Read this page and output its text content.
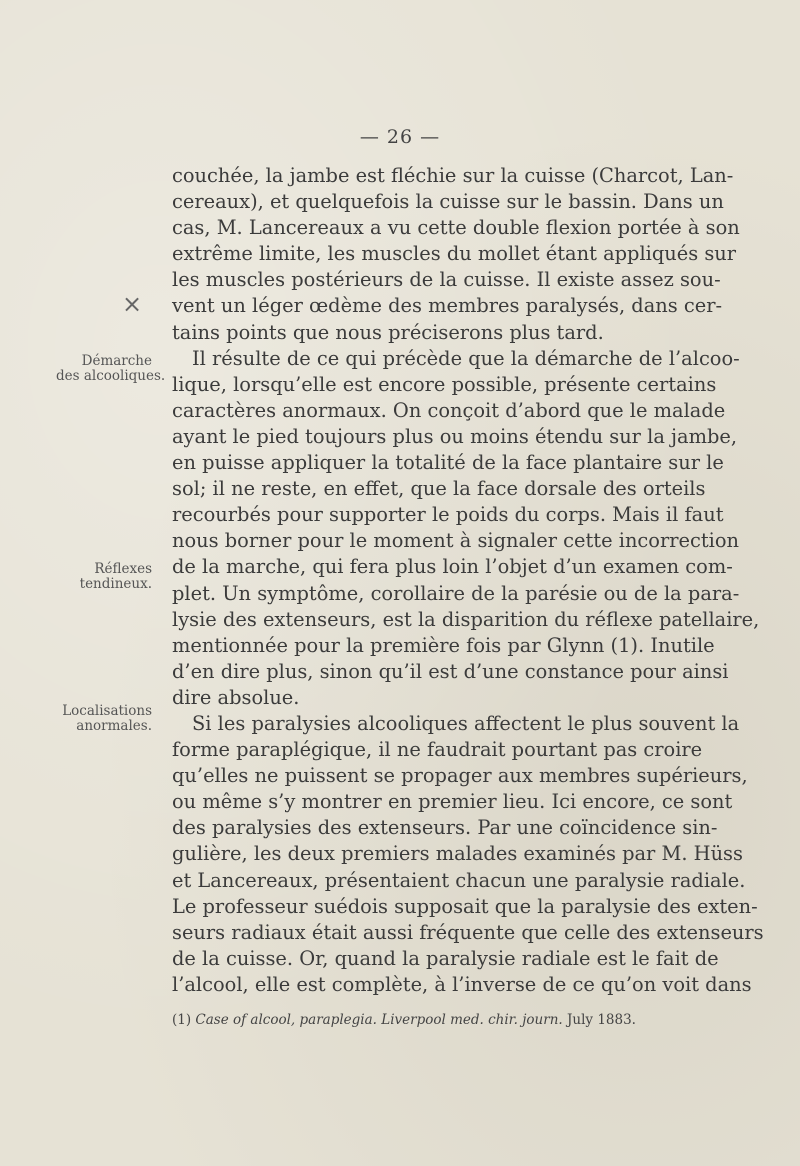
— 26 —
×
Démarche
des alcooliques.
Réflexes
tendineux.
Localisations
anormales.
couchée, la jambe est fléchie sur la cuisse (Charcot, Lan-
cereaux), et quelquefois la cuisse sur le bassin. Dans un
cas, M. Lancereaux a vu cette double flexion portée à son
extrême limite, les muscles du mollet étant appliqués sur
les muscles postérieurs de la cuisse. Il existe assez sou-
vent un léger œdème des membres paralysés, dans cer-
tains points que nous préciserons plus tard.
Il résulte de ce qui précède que la démarche de l’alcoo-
lique, lorsqu’elle est encore possible, présente certains
caractères anormaux. On conçoit d’abord que le malade
ayant le pied toujours plus ou moins étendu sur la jambe,
en puisse appliquer la totalité de la face plantaire sur le
sol; il ne reste, en effet, que la face dorsale des orteils
recourbés pour supporter le poids du corps. Mais il faut
nous borner pour le moment à signaler cette incorrection
de la marche, qui fera plus loin l’objet d’un examen com-
plet. Un symptôme, corollaire de la parésie ou de la para-
lysie des extenseurs, est la disparition du réflexe patellaire,
mentionnée pour la première fois par Glynn (1). Inutile
d’en dire plus, sinon qu’il est d’une constance pour ainsi
dire absolue.
Si les paralysies alcooliques affectent le plus souvent la
forme paraplégique, il ne faudrait pourtant pas croire
qu’elles ne puissent se propager aux membres supérieurs,
ou même s’y montrer en premier lieu. Ici encore, ce sont
des paralysies des extenseurs. Par une coïncidence sin-
gulière, les deux premiers malades examinés par M. Hüss
et Lancereaux, présentaient chacun une paralysie radiale.
Le professeur suédois supposait que la paralysie des exten-
seurs radiaux était aussi fréquente que celle des extenseurs
de la cuisse. Or, quand la paralysie radiale est le fait de
l’alcool, elle est complète, à l’inverse de ce qu’on voit dans
(1) Case of alcool, paraplegia. Liverpool med. chir. journ. July 1883.
